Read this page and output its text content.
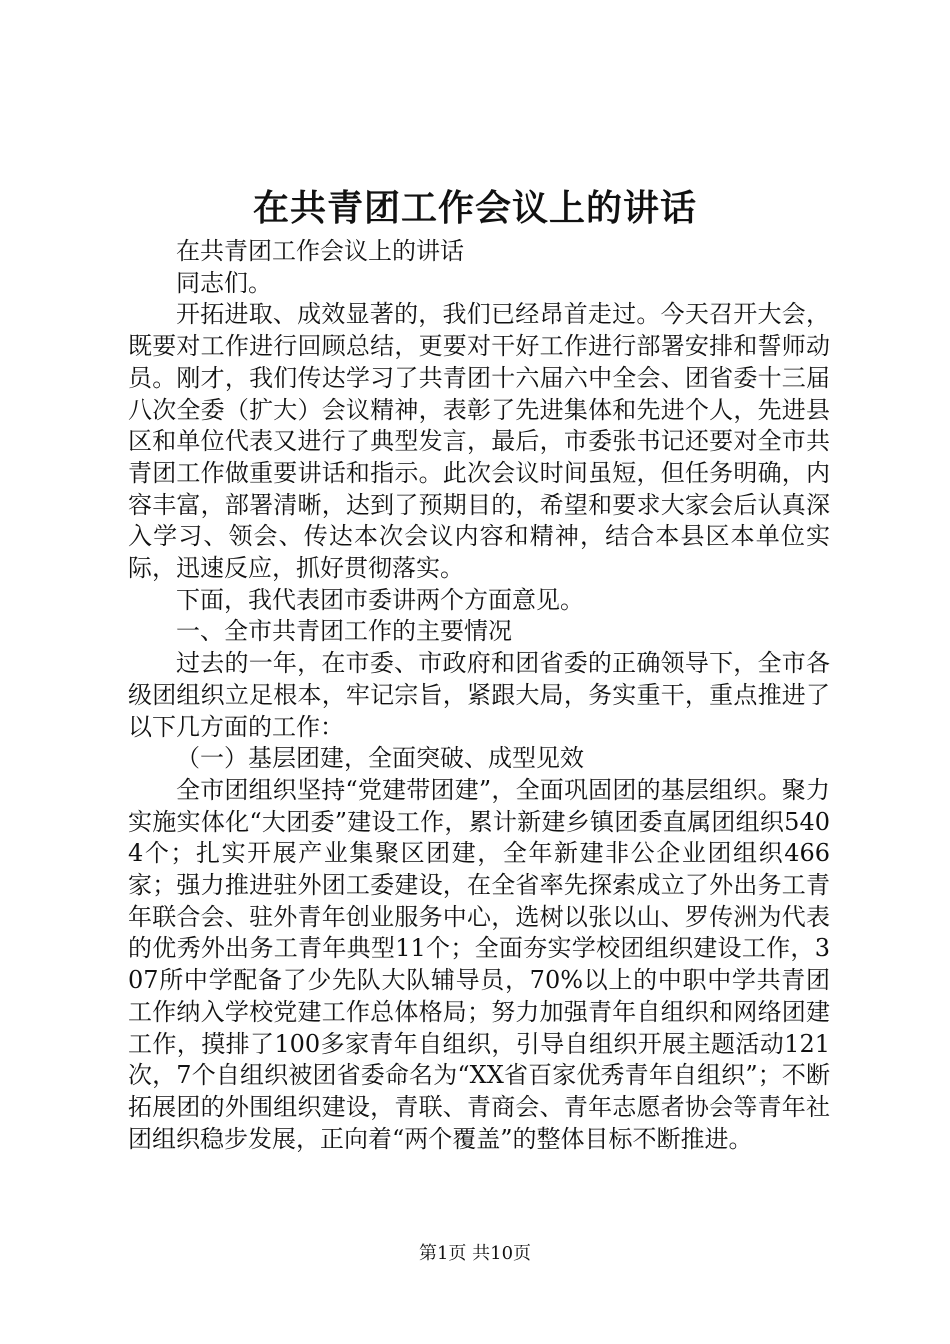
在共青团工作会议上的讲话

在共青团工作会议上的讲话

同志们。

开拓进取、成效显著的，我们已经昂首走过。今天召开大会，既要对工作进行回顾总结，更要对干好工作进行部署安排和誓师动员。刚才，我们传达学习了共青团十六届六中全会、团省委十三届八次全委（扩大）会议精神，表彰了先进集体和先进个人，先进县区和单位代表又进行了典型发言，最后，市委张书记还要对全市共青团工作做重要讲话和指示。此次会议时间虽短，但任务明确，内容丰富，部署清晰，达到了预期目的，希望和要求大家会后认真深入学习、领会、传达本次会议内容和精神，结合本县区本单位实际，迅速反应，抓好贯彻落实。

下面，我代表团市委讲两个方面意见。

一、全市共青团工作的主要情况

过去的一年，在市委、市政府和团省委的正确领导下，全市各级团组织立足根本，牢记宗旨，紧跟大局，务实重干，重点推进了以下几方面的工作：

（一）基层团建，全面突破、成型见效

全市团组织坚持“党建带团建”，全面巩固团的基层组织。聚力实施实体化“大团委”建设工作，累计新建乡镇团委直属团组织5404个；扎实开展产业集聚区团建，全年新建非公企业团组织466家；强力推进驻外团工委建设，在全省率先探索成立了外出务工青年联合会、驻外青年创业服务中心，选树以张以山、罗传洲为代表的优秀外出务工青年典型11个；全面夯实学校团组织建设工作，307所中学配备了少先队大队辅导员，70%以上的中职中学共青团工作纳入学校党建工作总体格局；努力加强青年自组织和网络团建工作，摸排了100多家青年自组织，引导自组织开展主题活动121次，7个自组织被团省委命名为“XX省百家优秀青年自组织”；不断拓展团的外围组织建设，青联、青商会、青年志愿者协会等青年社团组织稳步发展，正向着“两个覆盖”的整体目标不断推进。

第1页 共10页
